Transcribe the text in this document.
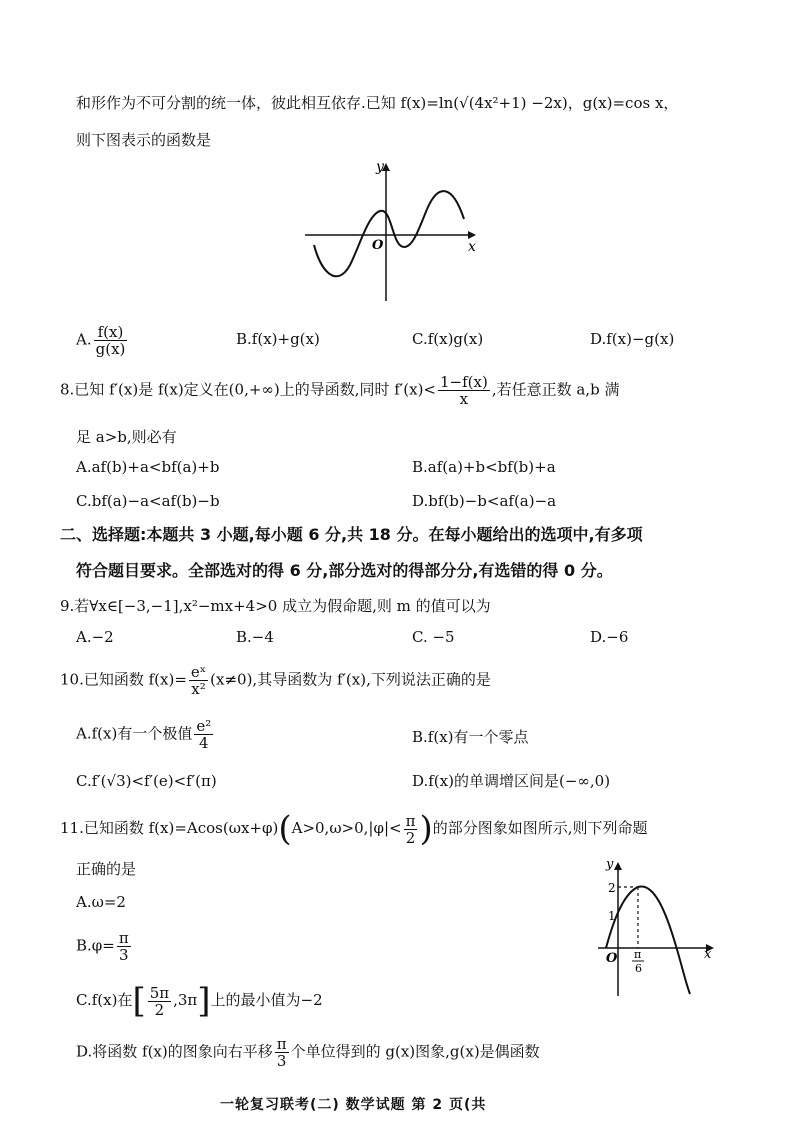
和形作为不可分割的统一体，彼此相互依存.已知 f(x)=ln(√(4x²+1) −2x)，g(x)=cos x，
则下图表示的函数是
x
y
O
A. $\frac{f(x)}{g(x)}$	B.f(x)+g(x)	C.f(x)g(x)	D.f(x)−g(x)
8.已知 f′(x)是 f(x)定义在(0,+∞)上的导函数,同时 $f'(x)< \frac{1-f(x)}{x}$ ,若任意正数 a,b 满
足 a>b,则必有
A.af(b)+a<bf(a)+b	B.af(a)+b<bf(b)+a
C.bf(a)−a<af(b)−b	D.bf(b)−b<af(a)−a
二、选择题:本题共 3 小题,每小题 6 分,共 18 分。在每小题给出的选项中,有多项
符合题目要求。全部选对的得 6 分,部分选对的得部分分,有选错的得 0 分。
9.若∀x∈[−3,−1],x²−mx+4>0 成立为假命题,则 m 的值可以为
A.−2	B.−4	C. −5	D.−6
10.已知函数 $f(x)= \frac{\text{eˣ}}{\text{x²}} (x\ne 0)$,其导函数为 f′(x),下列说法正确的是
A.f(x)有一个极值 $\frac{\text{e²}}{4}$	B.f(x)有一个零点
C.f′(√3)<f′(e)<f′(π)	D.f(x)的单调增区间是(−∞,0)
11.已知函数 $f(x)=Acos(\omega x+\varphi)(A>0,\omega>0,|\varphi|< \frac{\pi}{2}$ )的部分图象如图所示,则下列命题
正确的是
A.ω=2
$B.\varphi= \frac{\pi}{3}$
C.f(x)在[ $\frac{5\pi}{2} ,3\pi$]上的最小值为−2
D.将函数 f(x)的图象向右平移 $\frac{\pi}{3}$ 个单位得到的 g(x)图象,g(x)是偶函数
y
x
O
2
1
π
6
一轮复习联考(二) 数学试题 第 2 页(共
